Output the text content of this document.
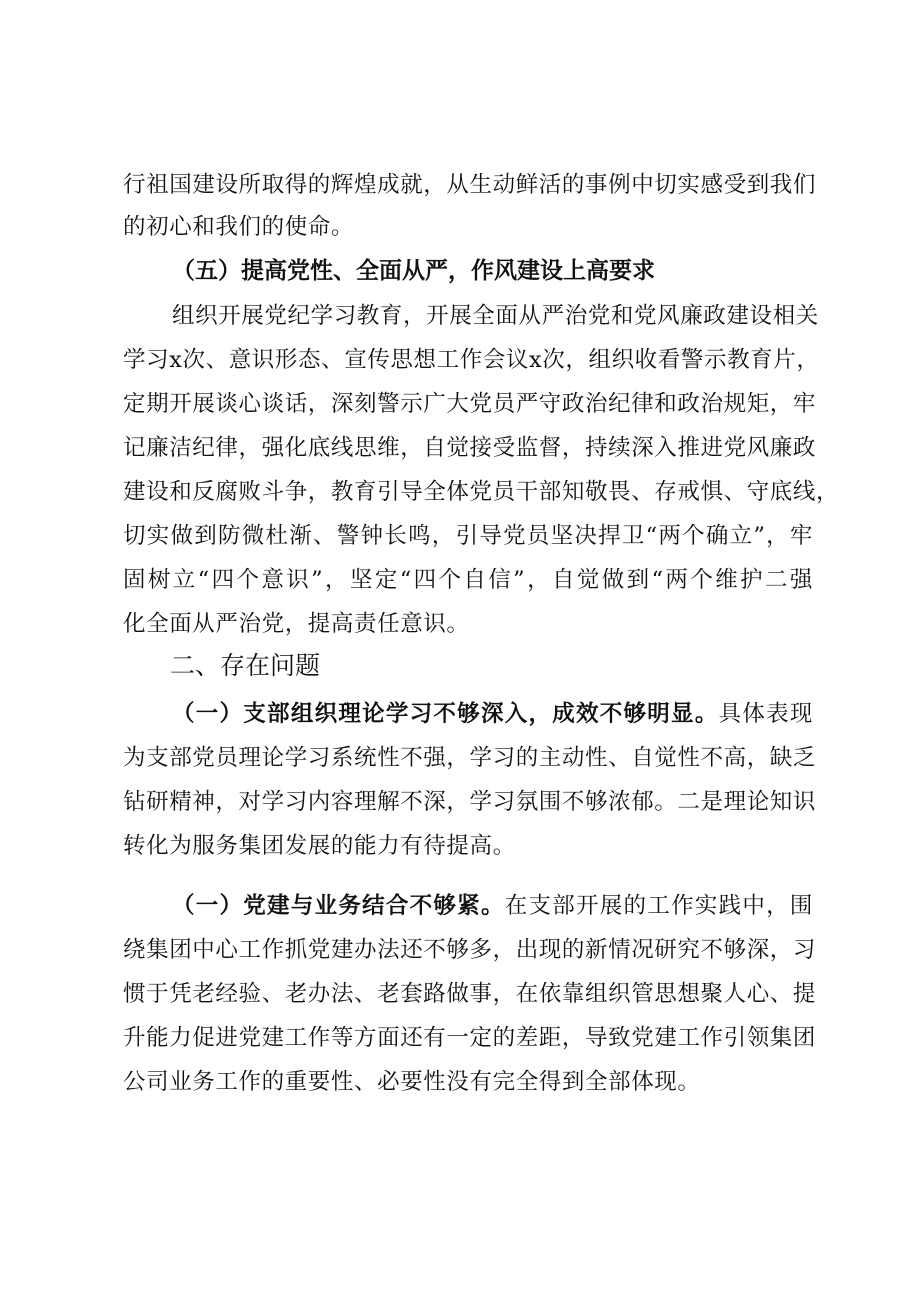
行祖国建设所取得的辉煌成就，从生动鲜活的事例中切实感受到我们
的初心和我们的使命。
（五）提高党性、全面从严，作风建设上高要求
组织开展党纪学习教育，开展全面从严治党和党风廉政建设相关
学习x次、意识形态、宣传思想工作会议x次，组织收看警示教育片，
定期开展谈心谈话，深刻警示广大党员严守政治纪律和政治规矩，牢
记廉洁纪律，强化底线思维，自觉接受监督，持续深入推进党风廉政
建设和反腐败斗争，教育引导全体党员干部知敬畏、存戒惧、守底线，
切实做到防微杜渐、警钟长鸣，引导党员坚决捍卫“两个确立”，牢
固树立“四个意识”，坚定“四个自信”，自觉做到“两个维护二强
化全面从严治党，提高责任意识。
二、存在问题
（一）支部组织理论学习不够深入，成效不够明显。具体表现
为支部党员理论学习系统性不强，学习的主动性、自觉性不高，缺乏
钻研精神，对学习内容理解不深，学习氛围不够浓郁。二是理论知识
转化为服务集团发展的能力有待提高。
（一）党建与业务结合不够紧。在支部开展的工作实践中，围
绕集团中心工作抓党建办法还不够多，出现的新情况研究不够深，习
惯于凭老经验、老办法、老套路做事，在依靠组织管思想聚人心、提
升能力促进党建工作等方面还有一定的差距，导致党建工作引领集团
公司业务工作的重要性、必要性没有完全得到全部体现。
